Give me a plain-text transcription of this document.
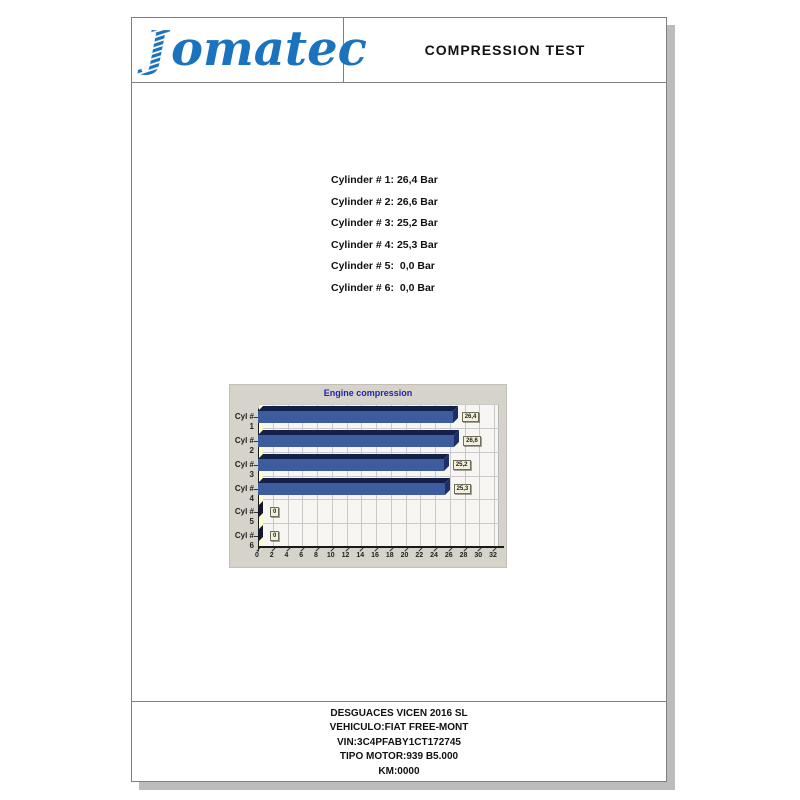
J omatec	COMPRESSION TEST
Cylinder # 1: 26,4 Bar
Cylinder # 2: 26,6 Bar
Cylinder # 3: 25,2 Bar
Cylinder # 4: 25,3 Bar
Cylinder # 5:  0,0 Bar
Cylinder # 6:  0,0 Bar
Engine compression
26,4
Cyl # 1
26,6
Cyl # 2
25,2
Cyl # 3
25,3
Cyl # 4
0
Cyl # 5
0
Cyl # 6
0	2	4	6	8	10 12 14 16 18 20 22 24 26 28 30 32
DESGUACES VICEN 2016 SL
VEHICULO:FIAT FREE-MONT
VIN:3C4PFABY1CT172745
TIPO MOTOR:939 B5.000
KM:0000
